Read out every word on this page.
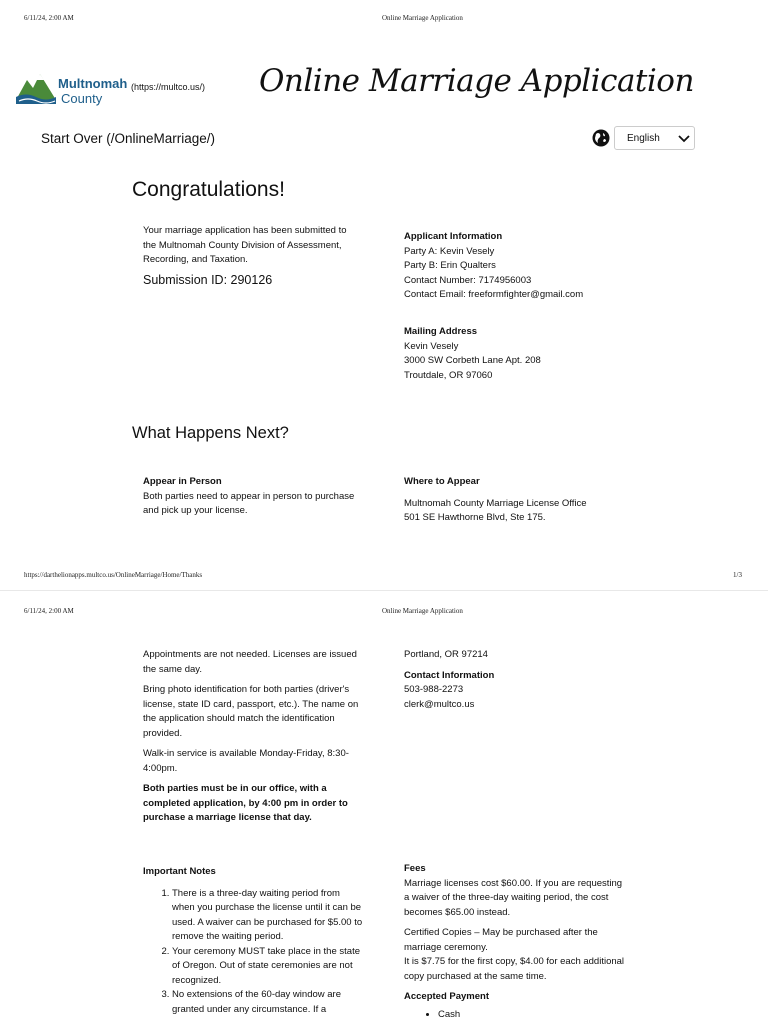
6/11/24, 2:00 AM	Online Marriage Application
Multnomah
County
(https://multco.us/) Online Marriage Application
Start Over (/OnlineMarriage/)	English
Congratulations!
Your marriage application has been submitted to the Multnomah County Division of Assessment, Recording, and Taxation.
Submission ID: 290126
Applicant Information
Party A: Kevin Vesely
Party B: Erin Qualters
Contact Number: 7174956003
Contact Email: freeformfighter@gmail.com
Mailing Address
Kevin Vesely
3000 SW Corbeth Lane Apt. 208
Troutdale, OR 97060
What Happens Next?
Appear in Person
Both parties need to appear in person to purchase and pick up your license.
Where to Appear
Multnomah County Marriage License Office
501 SE Hawthorne Blvd, Ste 175.
https://darthelionapps.multco.us/OnlineMarriage/Home/Thanks	1/3
6/11/24, 2:00 AM	Online Marriage Application
Appointments are not needed. Licenses are issued the same day.
Bring photo identification for both parties (driver's license, state ID card, passport, etc.). The name on the application should match the identification provided.
Walk-in service is available Monday-Friday, 8:30-4:00pm.
Both parties must be in our office, with a completed application, by 4:00 pm in order to purchase a marriage license that day.
Portland, OR 97214
Contact Information
503-988-2273
clerk@multco.us
Important Notes
1. There is a three-day waiting period from when you purchase the license until it can be used. A waiver can be purchased for $5.00 to remove the waiting period.
2. Your ceremony MUST take place in the state of Oregon. Out of state ceremonies are not recognized.
3. No extensions of the 60-day window are granted under any circumstance. If a
Fees
Marriage licenses cost $60.00. If you are requesting a waiver of the three-day waiting period, the cost becomes $65.00 instead.
Certified Copies – May be purchased after the marriage ceremony.
It is $7.75 for the first copy, $4.00 for each additional copy purchased at the same time.
Accepted Payment
• Cash
